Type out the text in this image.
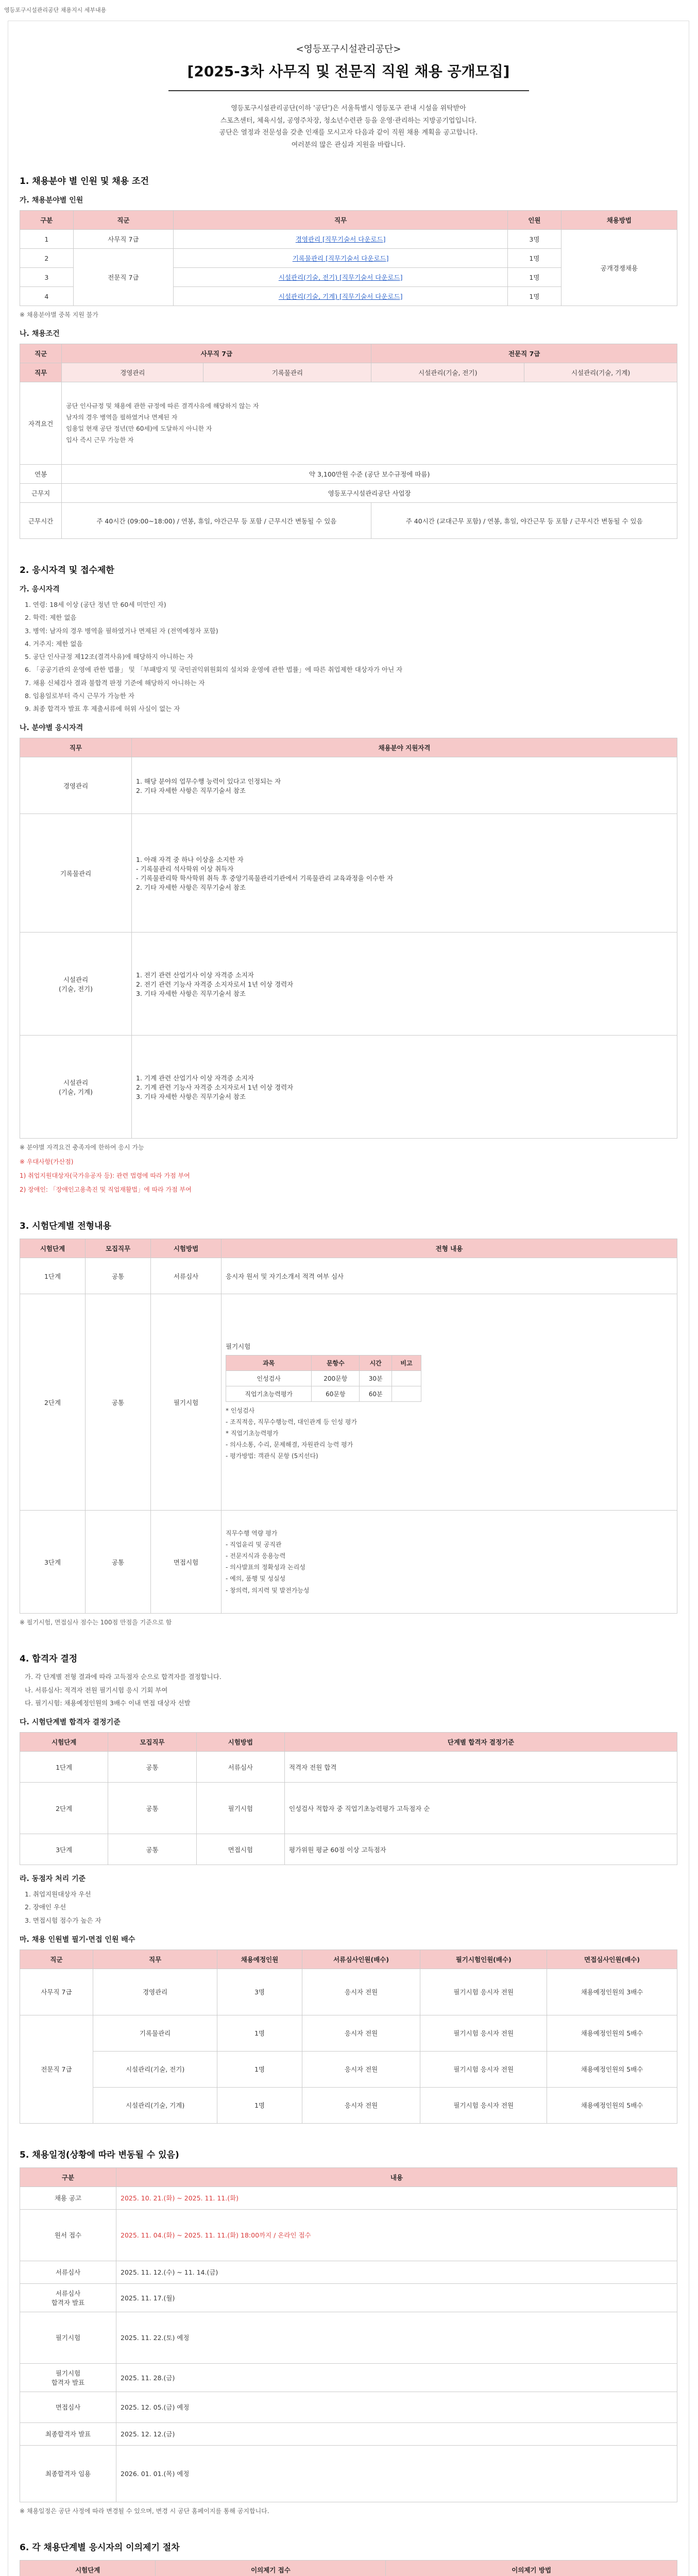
영등포구시설관리공단 채용지시 세부내용
<영등포구시설관리공단>
[2025-3차 사무직 및 전문직 직원 채용 공개모집]

영등포구시설관리공단(이하 '공단')은 서울특별시 영등포구 관내 시설을 위탁받아

스포츠센터, 체육시설, 공영주차장, 청소년수련관 등을 운영·관리하는 지방공기업입니다.

공단은 열정과 전문성을 갖춘 인재를 모시고자 다음과 같이 직원 채용 계획을 공고합니다.

여러분의 많은 관심과 지원을 바랍니다.

1. 채용분야 별 인원 및 채용 조건
가. 채용분야별 인원
구분	직군	직무	인원	채용방법
1	사무직 7급	경영관리 [직무기술서 다운로드]	3명	공개경쟁채용
2	전문직 7급	기록물관리 [직무기술서 다운로드]	1명	
3		시설관리(기술, 전기) [직무기술서 다운로드]	1명	
4		시설관리(기술, 기계) [직무기술서 다운로드]	1명	
※ 채용분야별 중복 지원 불가
나. 채용조건
직군	사무직 7급		전문직 7급	
직무	경영관리	기록물관리	시설관리(기술, 전기)	시설관리(기술, 기계)
자격요건	공단 인사규정 및 채용에 관한 규정에 따른 결격사유에 해당하지 않는 자
남자의 경우 병역을 필하였거나 면제된 자
임용일 현재 공단 정년(만 60세)에 도달하지 아니한 자
입사 즉시 근무 가능한 자			

연봉	약 3,100만원 수준 (공단 보수규정에 따름)			
근무지	영등포구시설관리공단 사업장			
근무시간	주 40시간 (09:00~18:00) / 연봉, 휴일, 야간근무 등 포함 / 근무시간 변동될 수 있음		주 40시간 (교대근무 포함) / 연봉, 휴일, 야간근무 등 포함 / 근무시간 변동될 수 있음	
2. 응시자격 및 접수제한
가. 응시자격

1. 연령: 18세 이상 (공단 정년 만 60세 미만인 자)

2. 학력: 제한 없음

3. 병역: 남자의 경우 병역을 필하였거나 면제된 자 (전역예정자 포함)

4. 거주지: 제한 없음

5. 공단 인사규정 제12조(결격사유)에 해당하지 아니하는 자

6. 「공공기관의 운영에 관한 법률」 및 「부패방지 및 국민권익위원회의 설치와 운영에 관한 법률」에 따른 취업제한 대상자가 아닌 자

7. 채용 신체검사 결과 불합격 판정 기준에 해당하지 아니하는 자

8. 임용일로부터 즉시 근무가 가능한 자

9. 최종 합격자 발표 후 제출서류에 허위 사실이 없는 자

나. 분야별 응시자격
직무	채용분야 지원자격
경영관리	1. 해당 분야의 업무수행 능력이 있다고 인정되는 자
2. 기타 자세한 사항은 직무기술서 참조
기록물관리	1. 아래 자격 중 하나 이상을 소지한 자
- 기록물관리 석사학위 이상 취득자
- 기록물관리학 학사학위 취득 후 중앙기록물관리기관에서 기록물관리 교육과정을 이수한 자
2. 기타 자세한 사항은 직무기술서 참조
시설관리
(기술, 전기)	1. 전기 관련 산업기사 이상 자격증 소지자
2. 전기 관련 기능사 자격증 소지자로서 1년 이상 경력자
3. 기타 자세한 사항은 직무기술서 참조
시설관리
(기술, 기계)	1. 기계 관련 산업기사 이상 자격증 소지자
2. 기계 관련 기능사 자격증 소지자로서 1년 이상 경력자
3. 기타 자세한 사항은 직무기술서 참조
※ 분야별 자격요건 충족자에 한하여 응시 가능
※ 우대사항(가산점)
1) 취업지원대상자(국가유공자 등): 관련 법령에 따라 가점 부여
2) 장애인: 「장애인고용촉진 및 직업재활법」에 따라 가점 부여
3. 시험단계별 전형내용
시험단계	모집직무	시험방법	전형 내용
1단계	공통	서류심사	응시자 원서 및 자기소개서 적격 여부 심사
2단계	공통	필기시험	
필기시험
과목	문항수	시간	비고
인성검사	200문항	30분	
직업기초능력평가	60문항	60분	
* 인성검사
- 조직적응, 직무수행능력, 대인관계 등 인성 평가
* 직업기초능력평가
- 의사소통, 수리, 문제해결, 자원관리 능력 평가
- 평가방법: 객관식 문항 (5지선다)

3단계	공통	면접시험	
직무수행 역량 평가
- 직업윤리 및 공직관
- 전문지식과 응용능력
- 의사발표의 정확성과 논리성
- 예의, 품행 및 성실성
- 창의력, 의지력 및 발전가능성
※ 필기시험, 면접심사 점수는 100점 만점을 기준으로 함
4. 합격자 결정

가. 각 단계별 전형 결과에 따라 고득점자 순으로 합격자를 결정합니다.

나. 서류심사: 적격자 전원 필기시험 응시 기회 부여

다. 필기시험: 채용예정인원의 3배수 이내 면접 대상자 선발

다. 시험단계별 합격자 결정기준
시험단계	모집직무	시험방법	단계별 합격자 결정기준
1단계	공통	서류심사	적격자 전원 합격
2단계	공통	필기시험	인성검사 적합자 중 직업기초능력평가 고득점자 순
3단계	공통	면접시험	평가위원 평균 60점 이상 고득점자
라. 동점자 처리 기준

1. 취업지원대상자 우선

2. 장애인 우선

3. 면접시험 점수가 높은 자

마. 채용 인원별 필기·면접 인원 배수
직군	직무	채용예정인원	서류심사인원(배수)	필기시험인원(배수)	면접심사인원(배수)
사무직 7급	경영관리	3명	응시자 전원	필기시험 응시자 전원	채용예정인원의 3배수
전문직 7급	기록물관리	1명	응시자 전원	필기시험 응시자 전원	채용예정인원의 5배수
	시설관리(기술, 전기)	1명	응시자 전원	필기시험 응시자 전원	채용예정인원의 5배수
	시설관리(기술, 기계)	1명	응시자 전원	필기시험 응시자 전원	채용예정인원의 5배수
5. 채용일정(상황에 따라 변동될 수 있음)
구분	내용
채용 공고	2025. 10. 21.(화) ~ 2025. 11. 11.(화)
원서 접수	2025. 11. 04.(화) ~ 2025. 11. 11.(화) 18:00까지 / 온라인 접수
서류심사	2025. 11. 12.(수) ~ 11. 14.(금)
서류심사
합격자 발표	2025. 11. 17.(월)
필기시험	2025. 11. 22.(토) 예정
필기시험
합격자 발표	2025. 11. 28.(금)
면접심사	2025. 12. 05.(금) 예정
최종합격자 발표	2025. 12. 12.(금)
최종합격자 임용	2026. 01. 01.(목) 예정
※ 채용일정은 공단 사정에 따라 변경될 수 있으며, 변경 시 공단 홈페이지를 통해 공지합니다.
6. 각 채용단계별 응시자의 이의제기 절차
시험단계	이의제기 접수	이의제기 방법
